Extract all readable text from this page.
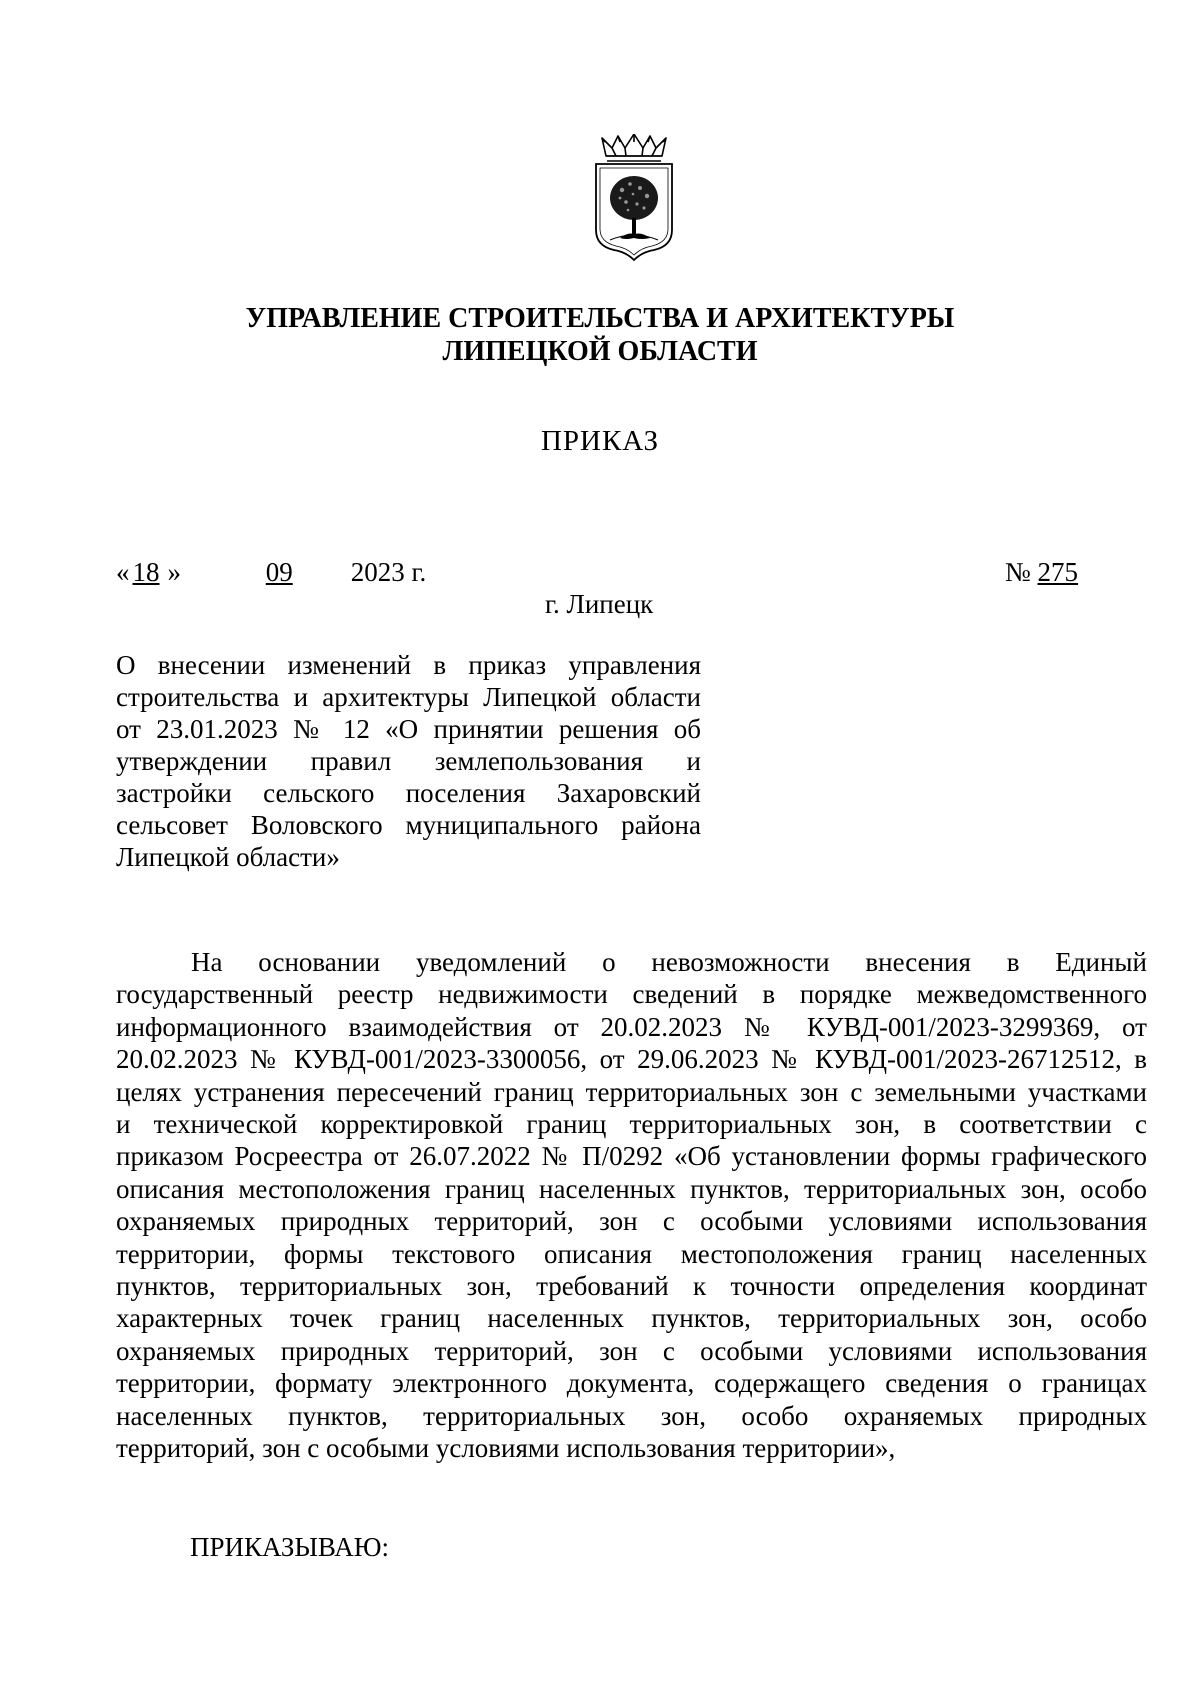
УПРАВЛЕНИЕ СТРОИТЕЛЬСТВА И АРХИТЕКТУРЫ
ЛИПЕЦКОЙ ОБЛАСТИ
ПРИКАЗ
« 18 »	09 2023 г.	№ 275
г. Липецк
О внесении изменений в приказ управления
строительства и архитектуры Липецкой области
от 23.01.2023 № 12 «О принятии решения об
утверждении правил землепользования и
застройки сельского поселения Захаровский
сельсовет Воловского муниципального района
Липецкой области»
На основании уведомлений о невозможности внесения в Единый
государственный реестр недвижимости сведений в порядке межведомственного
информационного взаимодействия от 20.02.2023 № КУВД-001/2023-3299369, от
20.02.2023 № КУВД-001/2023-3300056, от 29.06.2023 № КУВД-001/2023-26712512, в
целях устранения пересечений границ территориальных зон с земельными участками
и технической корректировкой границ территориальных зон, в соответствии с
приказом Росреестра от 26.07.2022 № П/0292 «Об установлении формы графического
описания местоположения границ населенных пунктов, территориальных зон, особо
охраняемых природных территорий, зон с особыми условиями использования
территории, формы текстового описания местоположения границ населенных
пунктов, территориальных зон, требований к точности определения координат
характерных точек границ населенных пунктов, территориальных зон, особо
охраняемых природных территорий, зон с особыми условиями использования
территории, формату электронного документа, содержащего сведения о границах
населенных пунктов, территориальных зон, особо охраняемых природных
территорий, зон с особыми условиями использования территории»,
ПРИКАЗЫВАЮ:
